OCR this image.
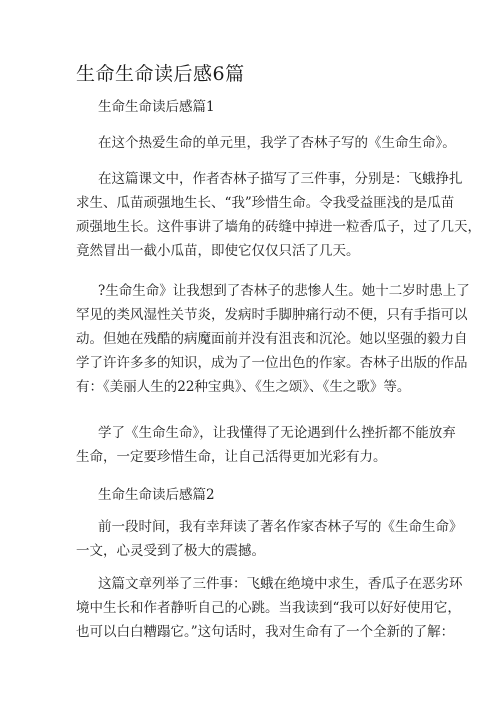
生命生命读后感6篇
生命生命读后感篇1
在这个热爱生命的单元里，我学了杏林子写的《生命生命》。
在这篇课文中，作者杏林子描写了三件事，分别是：飞蛾挣扎
求生、瓜苗顽强地生长、“我”珍惜生命。令我受益匪浅的是瓜苗
顽强地生长。这件事讲了墙角的砖缝中掉进一粒香瓜子，过了几天，
竟然冒出一截小瓜苗，即使它仅仅只活了几天。
?生命生命》让我想到了杏林子的悲惨人生。她十二岁时患上了
罕见的类风湿性关节炎，发病时手脚肿痛行动不便，只有手指可以
动。但她在残酷的病魔面前并没有沮丧和沉沦。她以坚强的毅力自
学了许许多多的知识，成为了一位出色的作家。杏林子出版的作品
有：《美丽人生的22种宝典》、《生之颂》、《生之歌》等。
学了《生命生命》，让我懂得了无论遇到什么挫折都不能放弃
生命，一定要珍惜生命，让自己活得更加光彩有力。
生命生命读后感篇2
前一段时间，我有幸拜读了著名作家杏林子写的《生命生命》
一文，心灵受到了极大的震撼。
这篇文章列举了三件事：飞蛾在绝境中求生，香瓜子在恶劣环
境中生长和作者静听自己的心跳。当我读到“我可以好好使用它，
也可以白白糟蹋它。”这句话时，我对生命有了一个全新的了解：
